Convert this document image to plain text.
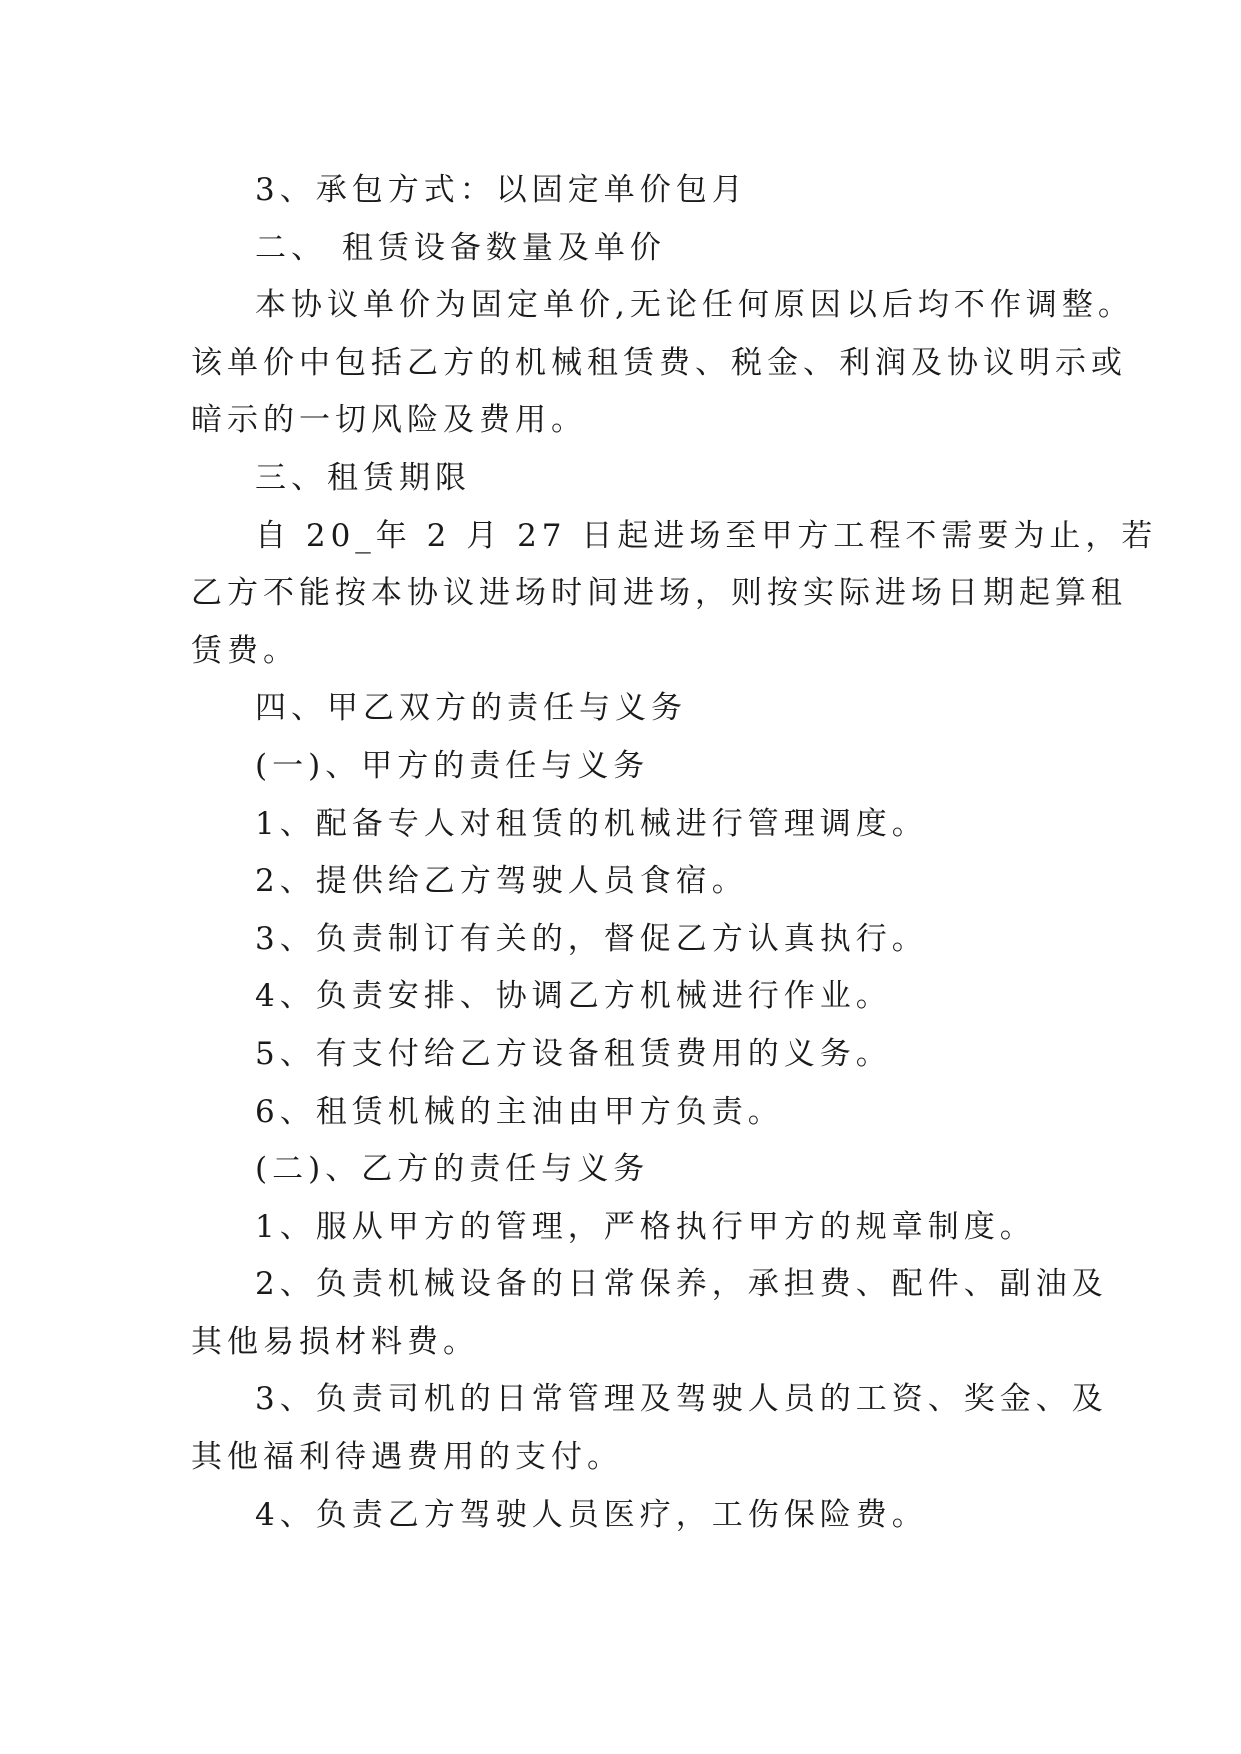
3、承包方式：以固定单价包月

二、 租赁设备数量及单价

本协议单价为固定单价,无论任何原因以后均不作调整。
该单价中包括乙方的机械租赁费、税金、利润及协议明示或
暗示的一切风险及费用。

三、租赁期限

自 20_年 2 月 27 日起进场至甲方工程不需要为止，若
乙方不能按本协议进场时间进场，则按实际进场日期起算租
赁费。

四、甲乙双方的责任与义务

(一)、甲方的责任与义务

1、配备专人对租赁的机械进行管理调度。

2、提供给乙方驾驶人员食宿。

3、负责制订有关的，督促乙方认真执行。

4、负责安排、协调乙方机械进行作业。

5、有支付给乙方设备租赁费用的义务。

6、租赁机械的主油由甲方负责。

(二)、乙方的责任与义务

1、服从甲方的管理，严格执行甲方的规章制度。

2、负责机械设备的日常保养，承担费、配件、副油及
其他易损材料费。

3、负责司机的日常管理及驾驶人员的工资、奖金、及
其他福利待遇费用的支付。

4、负责乙方驾驶人员医疗，工伤保险费。
